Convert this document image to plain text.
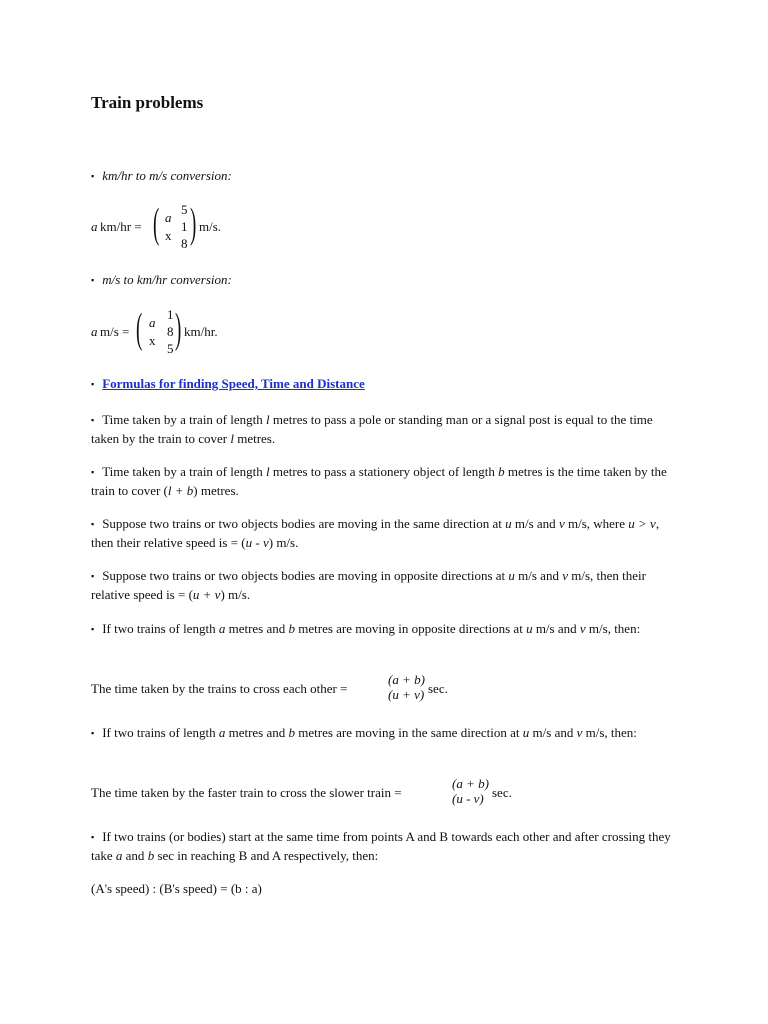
Train problems
▪ km/hr to m/s conversion:
a km/hr = ( a
x
5
1
8 ) m/s.
▪ m/s to km/hr conversion:
a m/s = ( a
x
1
8
5 ) km/hr.
▪ Formulas for finding Speed, Time and Distance
▪ Time taken by a train of length l metres to pass a pole or standing man or a signal post is equal to the time taken by the train to cover l metres.
▪ Time taken by a train of length l metres to pass a stationery object of length b metres is the time taken by the train to cover (l + b) metres.
▪ Suppose two trains or two objects bodies are moving in the same direction at u m/s and v m/s, where u > v, then their relative speed is = (u - v) m/s.
▪ Suppose two trains or two objects bodies are moving in opposite directions at u m/s and v m/s, then their relative speed is = (u + v) m/s.
▪ If two trains of length a metres and b metres are moving in opposite directions at u m/s and v m/s, then:
The time taken by the trains to cross each other =
(a + b)
(u + v) sec.
▪ If two trains of length a metres and b metres are moving in the same direction at u m/s and v m/s, then:
The time taken by the faster train to cross the slower train =
(a + b)
(u - v) sec.
▪ If two trains (or bodies) start at the same time from points A and B towards each other and after crossing they take a and b sec in reaching B and A respectively, then:
(A's speed) : (B's speed) = (b : a)
